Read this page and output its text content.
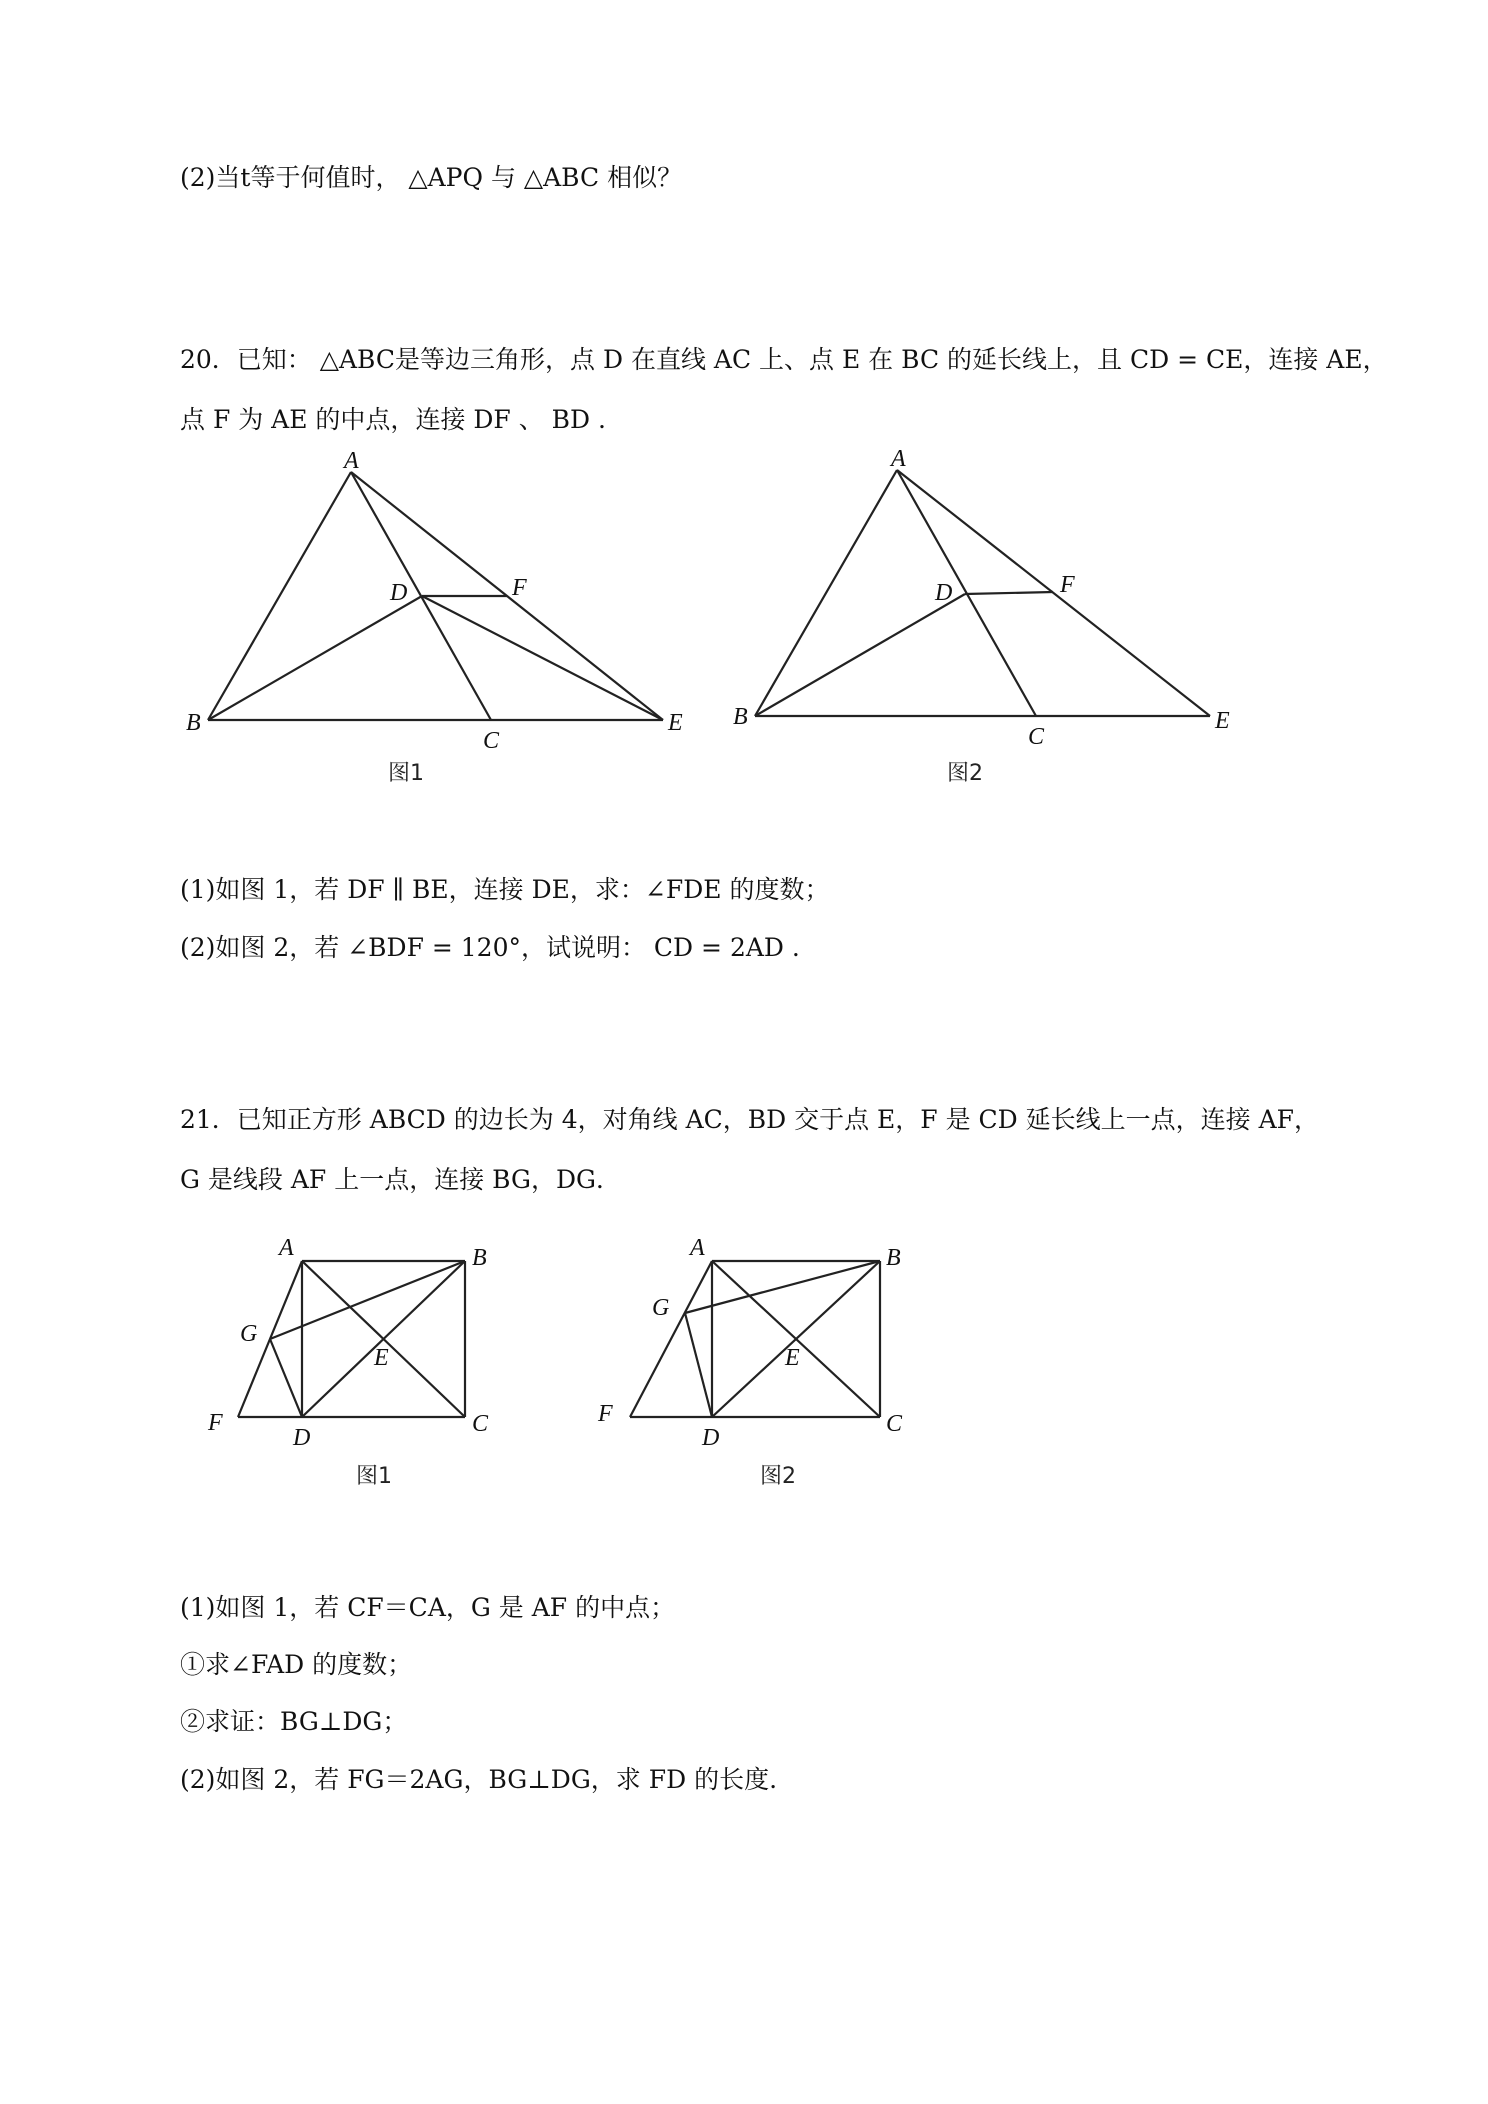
(2)当t等于何值时， △APQ 与 △ABC 相似？
20．已知： △ABC是等边三角形，点 D 在直线 AC 上、点 E 在 BC 的延长线上，且 CD = CE，连接 AE，
点 F 为 AE 的中点，连接 DF 、 BD .
A
B
C
D
E
F
图1
A
B
C
D
E
F
图2
(1)如图 1，若 DF ∥ BE，连接 DE，求：∠FDE 的度数；
(2)如图 2，若 ∠BDF = 120°，试说明： CD = 2AD .
21．已知正方形 ABCD 的边长为 4，对角线 AC，BD 交于点 E，F 是 CD 延长线上一点，连接 AF，
G 是线段 AF 上一点，连接 BG，DG．
A	B
C
D
E
F
G
图1
A	B
C
D
E
F
G
图2
(1)如图 1，若 CF＝CA，G 是 AF 的中点；
①求∠FAD 的度数；
②求证：BG⊥DG；
(2)如图 2，若 FG＝2AG，BG⊥DG，求 FD 的长度.
